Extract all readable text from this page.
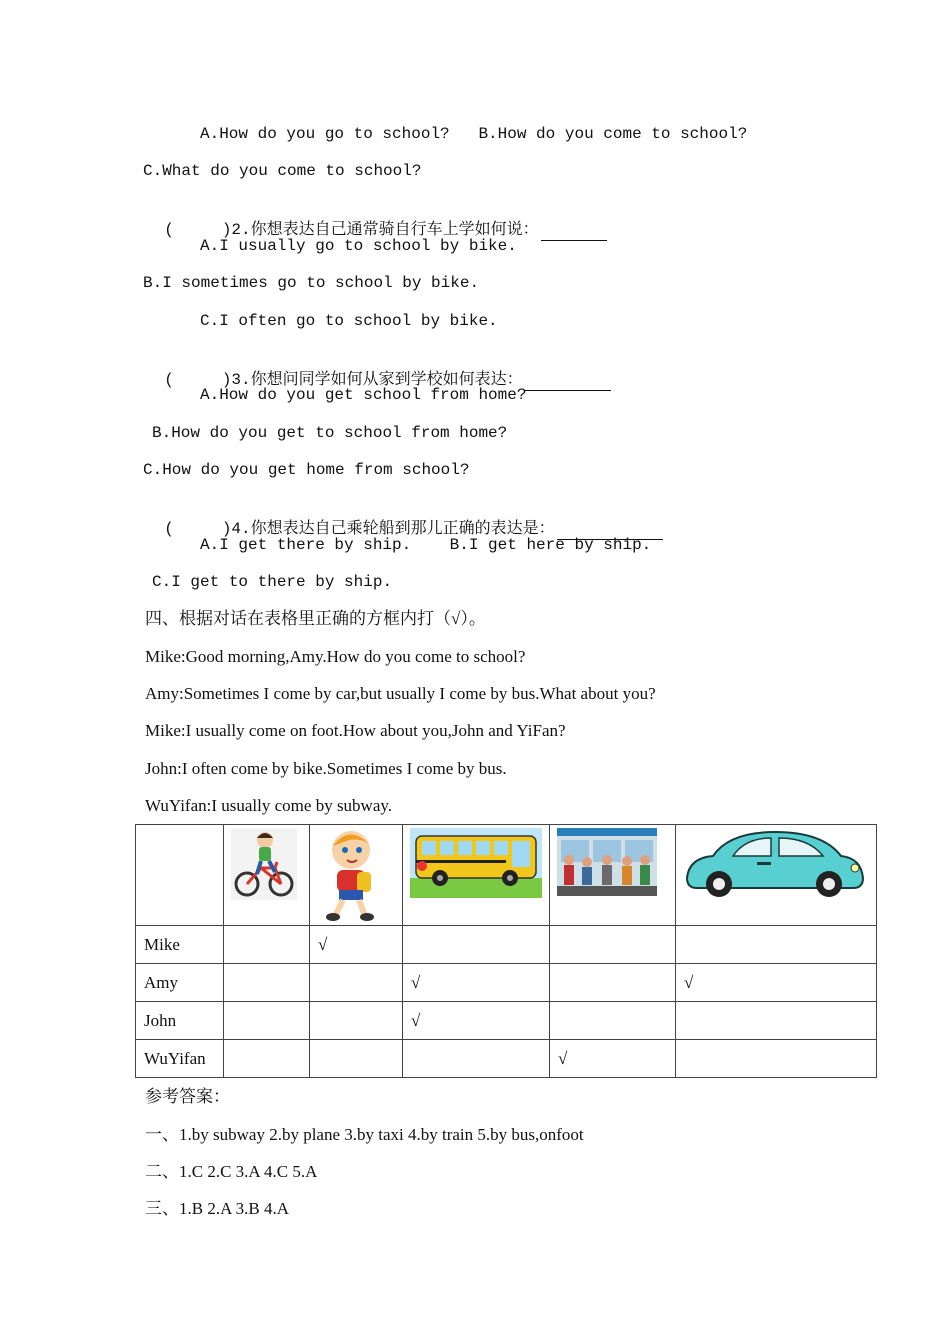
A.How do you go to school?   B.How do you come to school?
C.What do you come to school?

(     )2.你想表达自己通常骑自行车上学如何说：

A.I usually go to school by bike.
B.I sometimes go to school by bike.
C.I often go to school by bike.

(     )3.你想问同学如何从家到学校如何表达：

A.How do you get school from home?
B.How do you get to school from home?
C.How do you get home from school?

(     )4.你想表达自己乘轮船到那儿正确的表达是：

A.I get there by ship.    B.I get here by ship.
C.I get to there by ship.
四、根据对话在表格里正确的方框内打（√）。
Mike:Good morning,Amy.How do you come to school?
Amy:Sometimes I come by car,but usually I come by bus.What about you?
Mike:I usually come on foot.How about you,John and YiFan?
John:I often come by bike.Sometimes I come by bus.
WuYifan:I usually come by subway.

Mike		√			
Amy			√		√
John			√		
WuYifan				√	
参考答案：
一、1.by subway 2.by plane 3.by taxi 4.by train 5.by bus,onfoot
二、1.C 2.C 3.A 4.C 5.A
三、1.B 2.A 3.B 4.A
